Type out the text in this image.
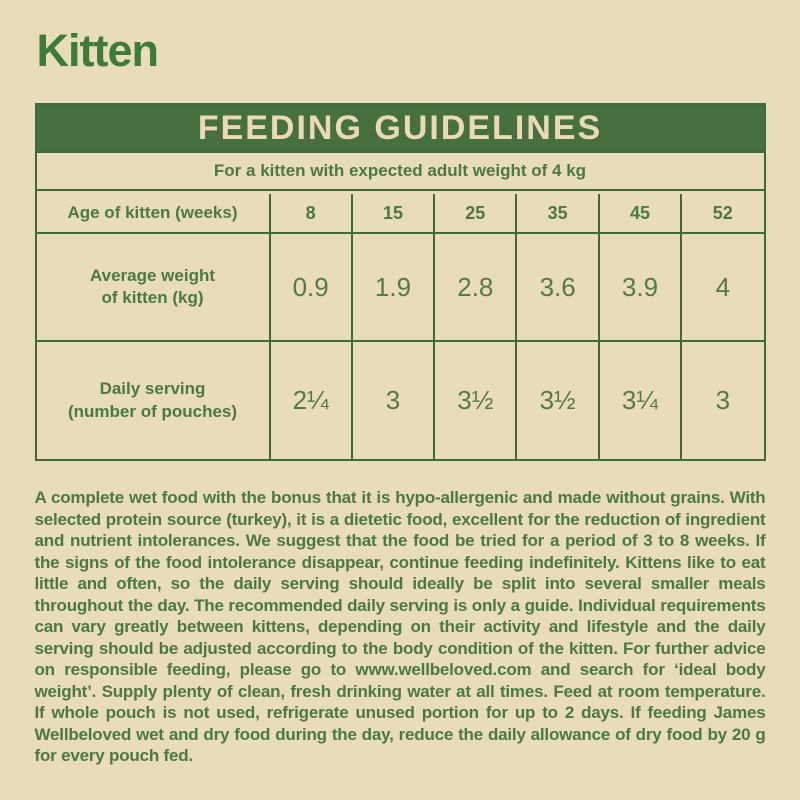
Kitten
FEEDING GUIDELINES
For a kitten with expected adult weight of 4 kg
Age of kitten (weeks)	8	15	25	35	45	52

Average weight
of kitten (kg)	0.9	1.9	2.8	3.6	3.9	4

Daily serving
(number of pouches)	2¼	3	3½	3½	3¼	3

A complete wet food with the bonus that it is hypo-allergenic and made without grains. With selected protein source (turkey), it is a dietetic food, excellent for the reduction of ingredient and nutrient intolerances. We suggest that the food be tried for a period of 3 to 8 weeks. If the signs of the food intolerance disappear, continue feeding indefinitely. Kittens like to eat little and often, so the daily serving should ideally be split into several smaller meals throughout the day. The recommended daily serving is only a guide. Individual requirements can vary greatly between kittens, depending on their activity and lifestyle and the daily serving should be adjusted according to the body condition of the kitten. For further advice on responsible feeding, please go to www.wellbeloved.com and search for ‘ideal body weight’. Supply plenty of clean, fresh drinking water at all times. Feed at room temperature. If whole pouch is not used, refrigerate unused portion for up to 2 days. If feeding James Wellbeloved wet and dry food during the day, reduce the daily allowance of dry food by 20 g for every pouch fed.
